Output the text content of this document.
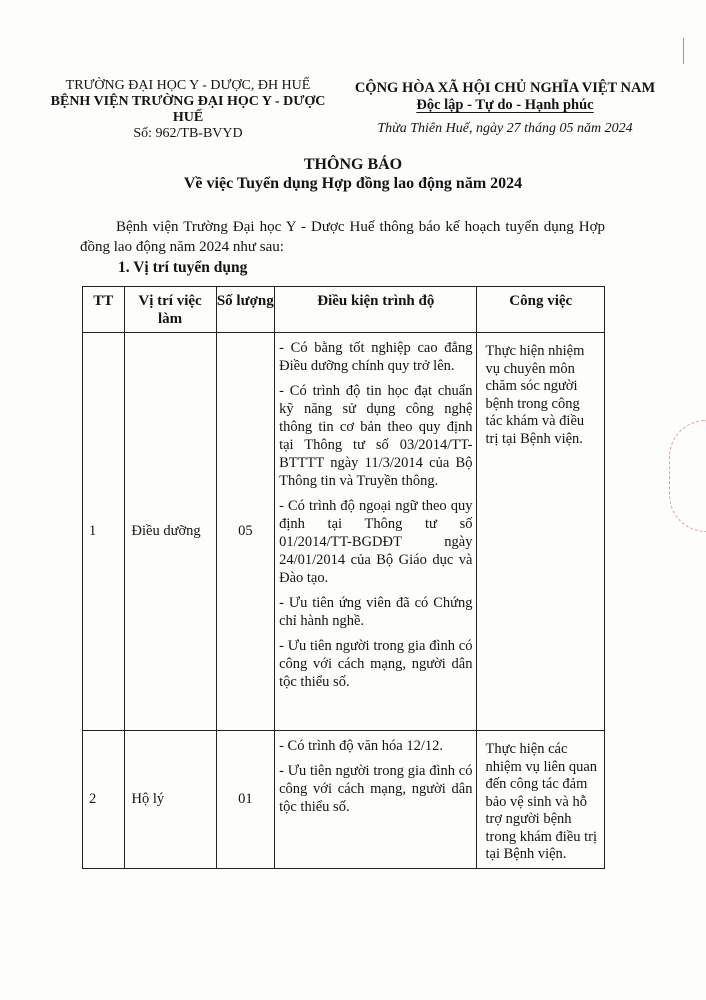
TRƯỜNG ĐẠI HỌC Y - DƯỢC, ĐH HUẾ
BỆNH VIỆN TRƯỜNG ĐẠI HỌC Y - DƯỢC HUẾ
Số: 962/TB-BVYD
CỘNG HÒA XÃ HỘI CHỦ NGHĨA VIỆT NAM
Độc lập - Tự do - Hạnh phúc
Thừa Thiên Huế, ngày 27 tháng 05 năm 2024
THÔNG BÁO
Về việc Tuyển dụng Hợp đồng lao động năm 2024
Bệnh viện Trường Đại học Y - Dược Huế thông báo kế hoạch tuyển dụng Hợp đồng lao động năm 2024 như sau:
1. Vị trí tuyển dụng
TT	Vị trí việc làm	Số lượng	Điều kiện trình độ	Công việc
1	Điều dưỡng	05	- Có bằng tốt nghiệp cao đẳng Điều dưỡng chính quy trở lên.

- Có trình độ tin học đạt chuẩn kỹ năng sử dụng công nghệ thông tin cơ bản theo quy định tại Thông tư số 03/2014/TT-BTTTT ngày 11/3/2014 của Bộ Thông tin và Truyền thông.

- Có trình độ ngoại ngữ theo quy định tại Thông tư số 01/2014/TT-BGDĐT ngày 24/01/2014 của Bộ Giáo dục và Đào tạo.

- Ưu tiên ứng viên đã có Chứng chỉ hành nghề.

- Ưu tiên người trong gia đình có công với cách mạng, người dân tộc thiểu số.	Thực hiện nhiệm vụ chuyên môn chăm sóc người bệnh trong công tác khám và điều trị tại Bệnh viện.
2	Hộ lý	01	- Có trình độ văn hóa 12/12.

- Ưu tiên người trong gia đình có công với cách mạng, người dân tộc thiểu số.	Thực hiện các nhiệm vụ liên quan đến công tác đảm bảo vệ sinh và hỗ trợ người bệnh trong khám điều trị tại Bệnh viện.
